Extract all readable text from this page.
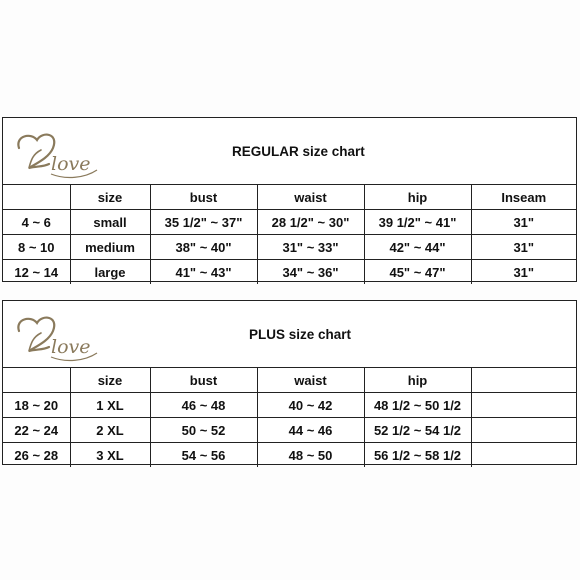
love
REGULAR size chart
	size	bust	waist	hip	Inseam
4 ~ 6	small	35 1/2" ~ 37"	28 1/2" ~ 30"	39 1/2" ~ 41"	31"
8 ~ 10	medium	38" ~ 40"	31" ~ 33"	42" ~ 44"	31"
12 ~ 14	large	41" ~ 43"	34" ~ 36"	45" ~ 47"	31"
love
PLUS size chart
	size	bust	waist	hip	
18 ~ 20	1 XL	46 ~ 48	40 ~ 42	48 1/2 ~ 50 1/2	
22 ~ 24	2 XL	50 ~ 52	44 ~ 46	52 1/2 ~ 54 1/2	
26 ~ 28	3 XL	54 ~ 56	48 ~ 50	56 1/2 ~ 58 1/2	
